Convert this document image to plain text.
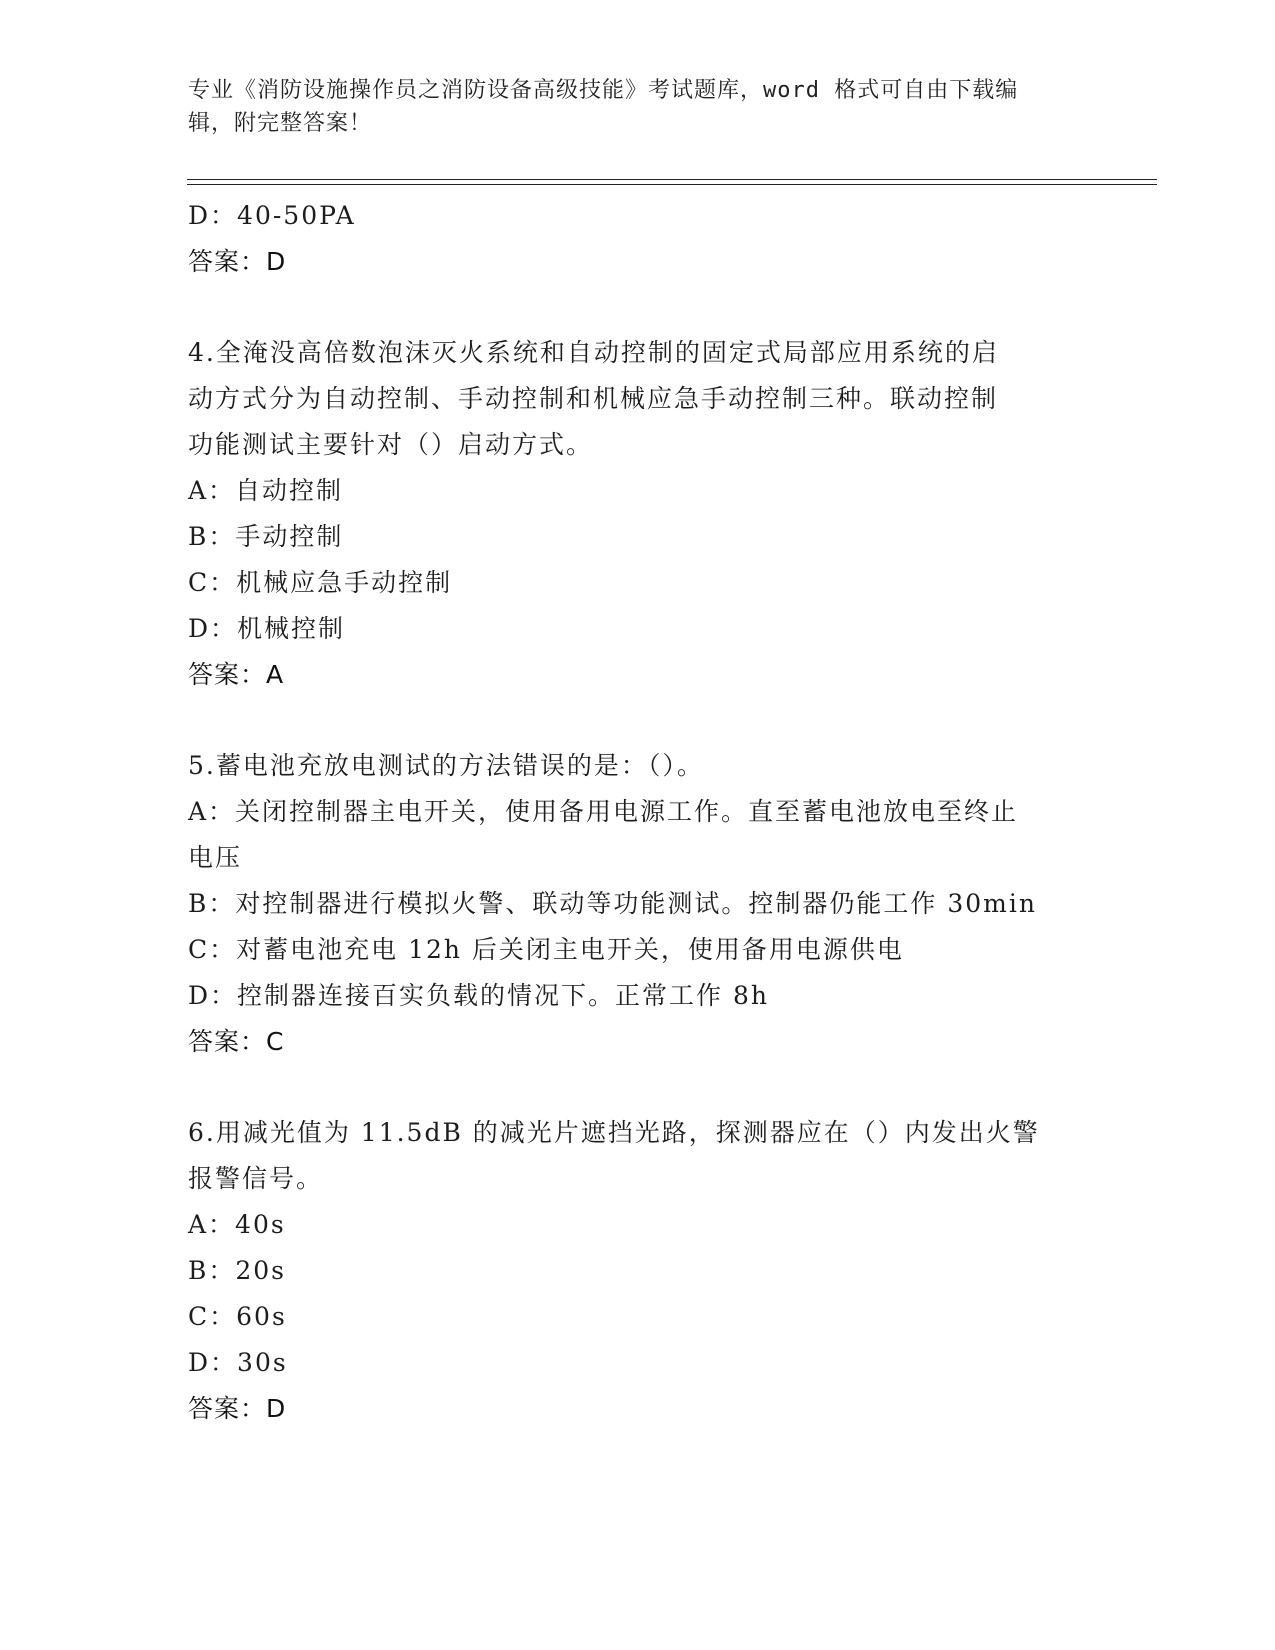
专业《消防设施操作员之消防设备高级技能》考试题库，word 格式可自由下载编
辑，附完整答案！
D：40-50PA
答案：D
4.全淹没高倍数泡沫灭火系统和自动控制的固定式局部应用系统的启
动方式分为自动控制、手动控制和机械应急手动控制三种。联动控制
功能测试主要针对（）启动方式。
A：自动控制
B：手动控制
C：机械应急手动控制
D：机械控制
答案：A
5.蓄电池充放电测试的方法错误的是：（）。
A：关闭控制器主电开关，使用备用电源工作。直至蓄电池放电至终止
电压
B：对控制器进行模拟火警、联动等功能测试。控制器仍能工作 30min
C：对蓄电池充电 12h 后关闭主电开关，使用备用电源供电
D：控制器连接百实负载的情况下。正常工作 8h
答案：C
6.用减光值为 11.5dB 的减光片遮挡光路，探测器应在（）内发出火警
报警信号。
A：40s
B：20s
C：60s
D：30s
答案：D
